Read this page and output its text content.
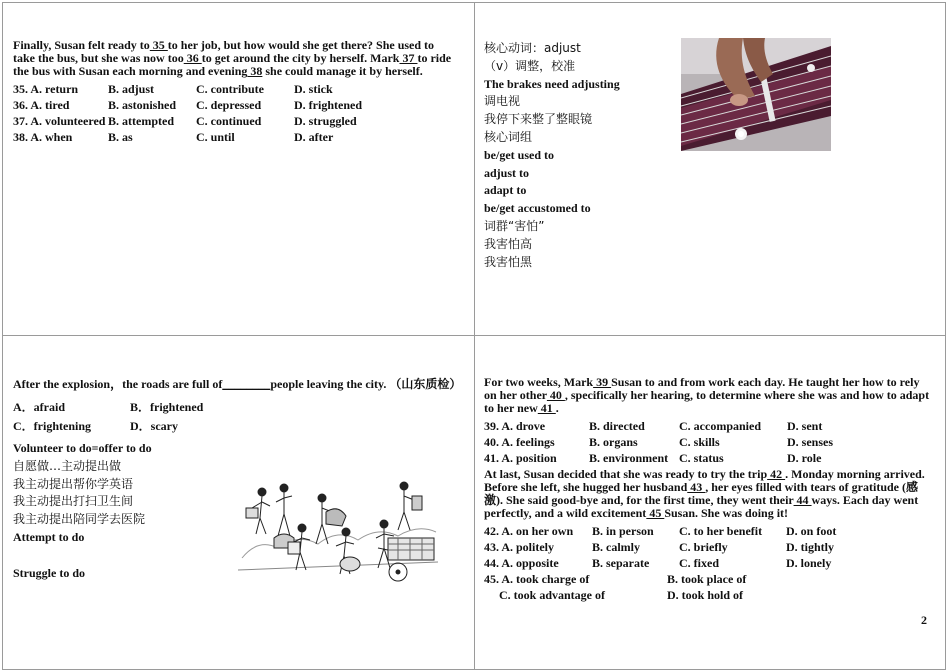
Finally, Susan felt ready to 35 to her job, but how would she get there? She used to take the bus, but she was now too 36 to get around the city by herself. Mark 37 to ride the bus with Susan each morning and evening 38 she could manage it by herself.

35. A. return	B. adjust	C. contribute	D. stick
36. A. tired	B. astonished	C. depressed	D. frightened
37. A. volunteered B. attempted	C. continued	D. struggled
38. A. when	B. as	C. until	D. after
核心动词：adjust
（v）调整，校准
The brakes need adjusting
调电视
我停下来整了整眼镜
核心词组
be/get used to
adjust to
adapt to
be/get accustomed to
词群“害怕”
我害怕高
我害怕黑

After the explosion，the roads are full of________people leaving the city. （山东质检）

A．afraid	B．frightened
C．frightening	D．scary
Volunteer to do=offer to do
自愿做…主动提出做
我主动提出帮你学英语
我主动提出打扫卫生间
我主动提出陪同学去医院
Attempt to do

Struggle to do

For two weeks, Mark 39 Susan to and from work each day. He taught her how to rely on her other 40 , specifically her hearing, to determine where she was and how to adapt to her new 41 .

39. A. drove	B. directed	C. accompanied	D. sent
40. A. feelings	B. organs	C. skills	D. senses
41. A. position	B. environment C. status	D. role

At last, Susan decided that she was ready to try the trip 42 . Monday morning arrived. Before she left, she hugged her husband 43 , her eyes filled with tears of gratitude (感激). She said good-bye and, for the first time, they went their 44 ways. Each day went perfectly, and a wild excitement 45 Susan. She was doing it!

42. A. on her own	B. in person	C. to her benefit	D. on foot
43. A. politely	B. calmly	C. briefly	D. tightly
44. A. opposite	B. separate	C. fixed	D. lonely
45. A. took charge of	B. took place of
C. took advantage of	D. took hold of
2
